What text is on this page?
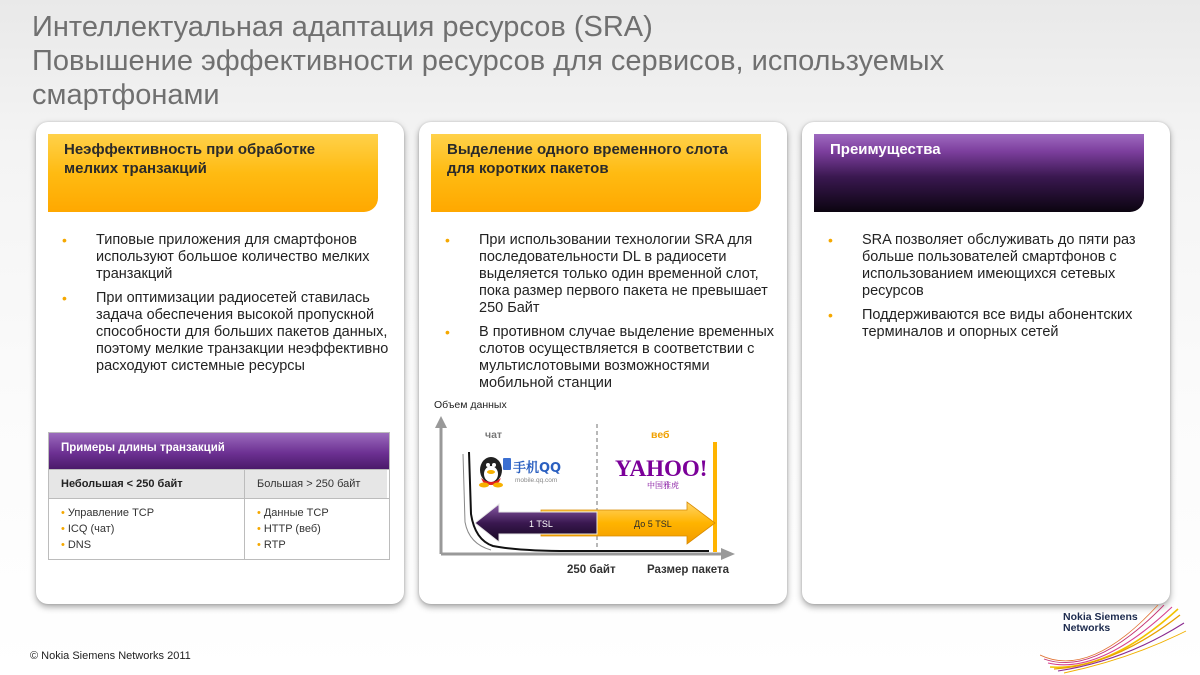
Интеллектуальная адаптация ресурсов (SRA)
Повышение эффективности ресурсов для сервисов, используемых
смартфонами
Неэффективность при обработке
мелких транзакций
• Типовые приложения для смартфонов используют большое количество мелких транзакций
• При оптимизации радиосетей ставилась задача обеспечения высокой пропускной способности для больших пакетов данных, поэтому мелкие транзакции неэффективно расходуют системные ресурсы
Примеры длины транзакций
Небольшая < 250 байт	Большая > 250 байт
• Управление TCP
• ICQ (чат)
• DNS
• Данные TCP
• HTTP (веб)
• RTP
Выделение одного временного слота
для коротких пакетов
• При использовании технологии SRA для последовательности DL в радиосети выделяется только один временной слот, пока размер первого пакета не превышает 250 Байт
• В противном случае выделение временных слотов осуществляется в соответствии с мультислотовыми возможностями мобильной станции
Объем данных
чат	веб
250 байт	Размер пакета
手机QQ
mobile.qq.com	YAHOO!
中国雅虎
1 TSL	До 5 TSL
Преимущества
• SRA позволяет обслуживать до пяти раз больше пользователей смартфонов с использованием имеющихся сетевых ресурсов
• Поддерживаются все виды абонентских терминалов и опорных сетей
© Nokia Siemens Networks 2011
Nokia Siemens
Networks
